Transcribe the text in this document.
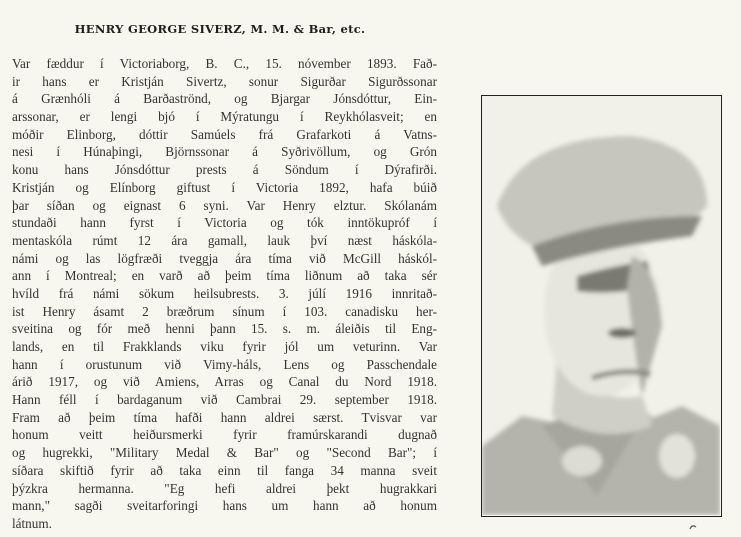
HENRY GEORGE SIVERZ, M. M. & Bar, etc.
Var fæddur í Victoriaborg, B. C., 15. nóvember 1893. Fað-
ir hans er Kristján Sivertz, sonur Sigurðar Sigurðssonar
á Grænhóli á Barðaströnd, og Bjargar Jónsdóttur, Ein-
arssonar, er lengi bjó í Mýratungu í Reykhólasveit; en
móðir Elinborg, dóttir Samúels frá Grafarkoti á Vatns-
nesi í Húnaþingi, Björnssonar á Syðrivöllum, og Grón
konu hans Jónsdóttur prests á Söndum í Dýrafirði.
Kristján og Elínborg giftust í Victoria 1892, hafa búið
þar síðan og eignast 6 syni. Var Henry elztur. Skólanám
stundaði hann fyrst í Victoria og tók inntökupróf í
mentaskóla rúmt 12 ára gamall, lauk því næst háskóla-
námi og las lögfræði tveggja ára tíma við McGill háskól-
ann í Montreal; en varð að þeim tíma liðnum að taka sér
hvíld frá námi sökum heilsubrests. 3. júlí 1916 innritað-
ist Henry ásamt 2 bræðrum sínum í 103. canadisku her-
sveitina og fór með henni þann 15. s. m. áleiðis til Eng-
lands, en til Frakklands viku fyrir jól um veturinn. Var
hann í orustunum við Vimy-háls, Lens og Passchendale
árið 1917, og við Amiens, Arras og Canal du Nord 1918.
Hann féll í bardaganum við Cambrai 29. september 1918.
Fram að þeim tíma hafði hann aldrei særst. Tvisvar var
honum veitt heiðursmerki fyrir framúrskarandi dugnað
og hugrekki, "Military Medal & Bar" og "Second Bar"; í
síðara skiftið fyrir að taka einn til fanga 34 manna sveit
þýzkra hermanna. "Eg hefi aldrei þekt hugrakkari
mann," sagði sveitarforingi hans um hann að honum
látnum.
